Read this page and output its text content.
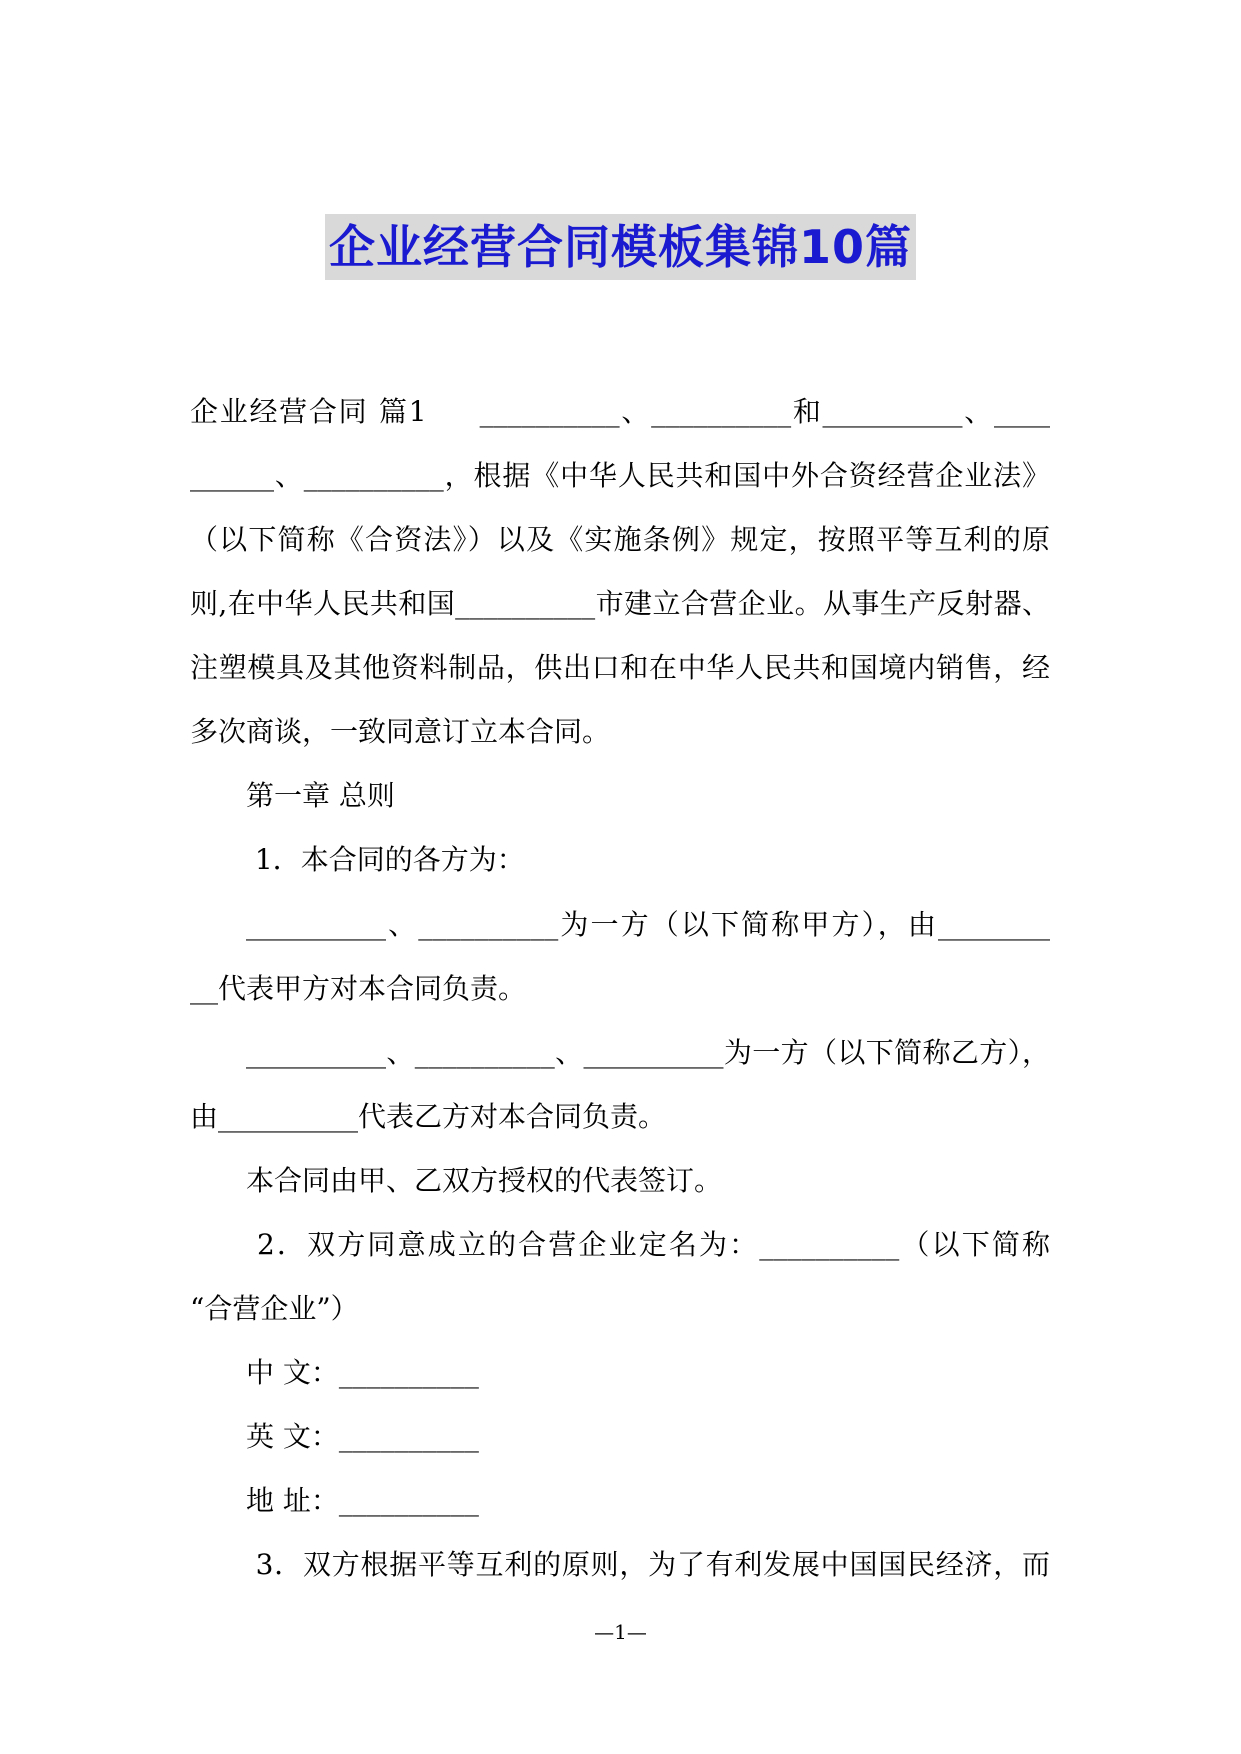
企业经营合同模板集锦10篇
企业经营合同 篇1     __________、__________和__________、____
______、__________，根据《中华人民共和国中外合资经营企业法》
（以下简称《合资法》）以及《实施条例》规定，按照平等互利的原
则,在中华人民共和国__________市建立合营企业。从事生产反射器、
注塑模具及其他资料制品，供出口和在中华人民共和国境内销售，经
多次商谈，一致同意订立本合同。
第一章 总则
1．本合同的各方为：
__________、__________为一方（以下简称甲方），由________
__代表甲方对本合同负责。
__________、__________、__________为一方（以下简称乙方），
由__________代表乙方对本合同负责。
本合同由甲、乙双方授权的代表签订。
2．双方同意成立的合营企业定名为：__________（以下简称
“合营企业”）
中 文：__________
英 文：__________
地 址：__________
3．双方根据平等互利的原则，为了有利发展中国国民经济，而
—1—
